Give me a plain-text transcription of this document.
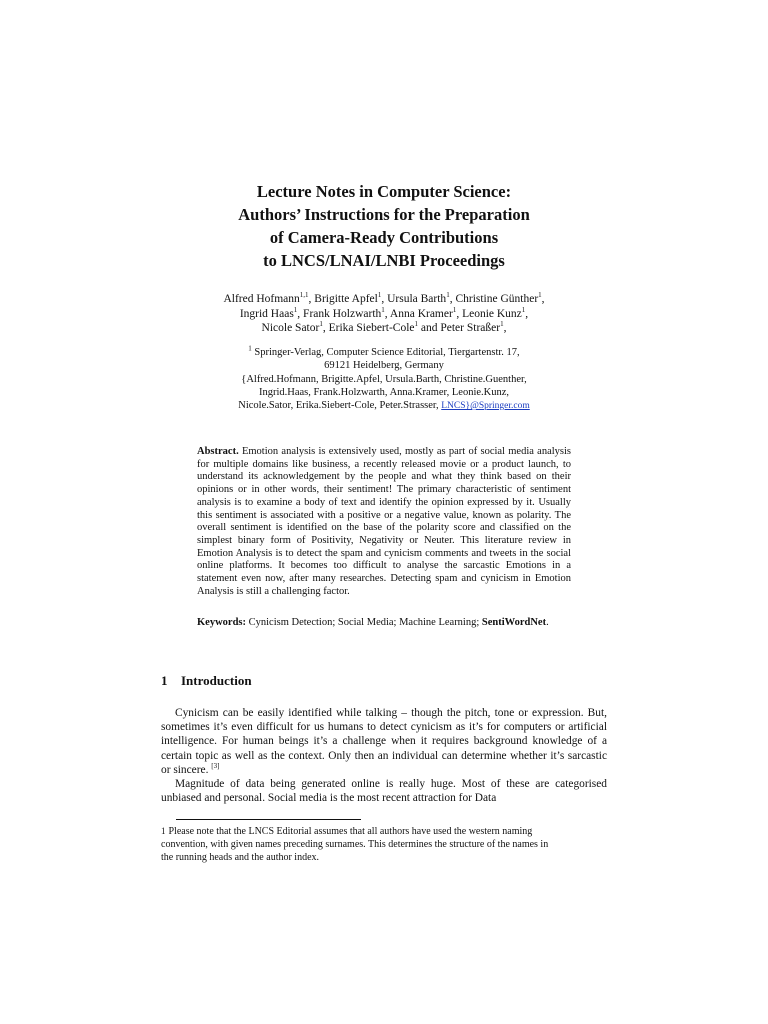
Lecture Notes in Computer Science:
Authors’ Instructions for the Preparation
of Camera-Ready Contributions
to LNCS/LNAI/LNBI Proceedings
Alfred Hofmann$^{1,1}$, Brigitte Apfel$^1$, Ursula Barth$^1$, Christine Günther$^1$,
Ingrid Haas$^1$, Frank Holzwarth$^1$, Anna Kramer$^1$, Leonie Kunz$^1$,
Nicole Sator$^1$, Erika Siebert-Cole$^1$ and Peter Straßer$^1$,
$^1$ Springer-Verlag, Computer Science Editorial, Tiergartenstr. 17,
69121 Heidelberg, Germany
{Alfred.Hofmann, Brigitte.Apfel, Ursula.Barth, Christine.Guenther,
Ingrid.Haas, Frank.Holzwarth, Anna.Kramer, Leonie.Kunz,
Nicole.Sator, Erika.Siebert-Cole, Peter.Strasser, LNCS}@Springer.com
Abstract. Emotion analysis is extensively used, mostly as part of social media analysis for multiple domains like business, a recently released movie or a product launch, to understand its acknowledgement by the people and what they think based on their opinions or in other words, their sentiment! The primary characteristic of sentiment analysis is to examine a body of text and identify the opinion expressed by it. Usually this sentiment is associated with a positive or a negative value, known as polarity. The overall sentiment is identified on the base of the polarity score and classified on the simplest binary form of Positivity, Negativity or Neuter. This literature review in Emotion Analysis is to detect the spam and cynicism comments and tweets in the social online platforms. It becomes too difficult to analyse the sarcastic Emotions in a statement even now, after many researches. Detecting spam and cynicism in Emotion Analysis is still a challenging factor.
Keywords: Cynicism Detection; Social Media; Machine Learning; SentiWordNet.
1 Introduction

Cynicism can be easily identified while talking – though the pitch, tone or expression. But, sometimes it’s even difficult for us humans to detect cynicism as it’s for computers or artificial intelligence. For human beings it’s a challenge when it requires background knowledge of a certain topic as well as the context. Only then an individual can determine whether it’s sarcastic or sincere. [3]

Magnitude of data being generated online is really huge. Most of these are categorised unbiased and personal. Social media is the most recent attraction for Data

1 Please note that the LNCS Editorial assumes that all authors have used the western naming convention, with given names preceding surnames. This determines the structure of the names in the running heads and the author index.
